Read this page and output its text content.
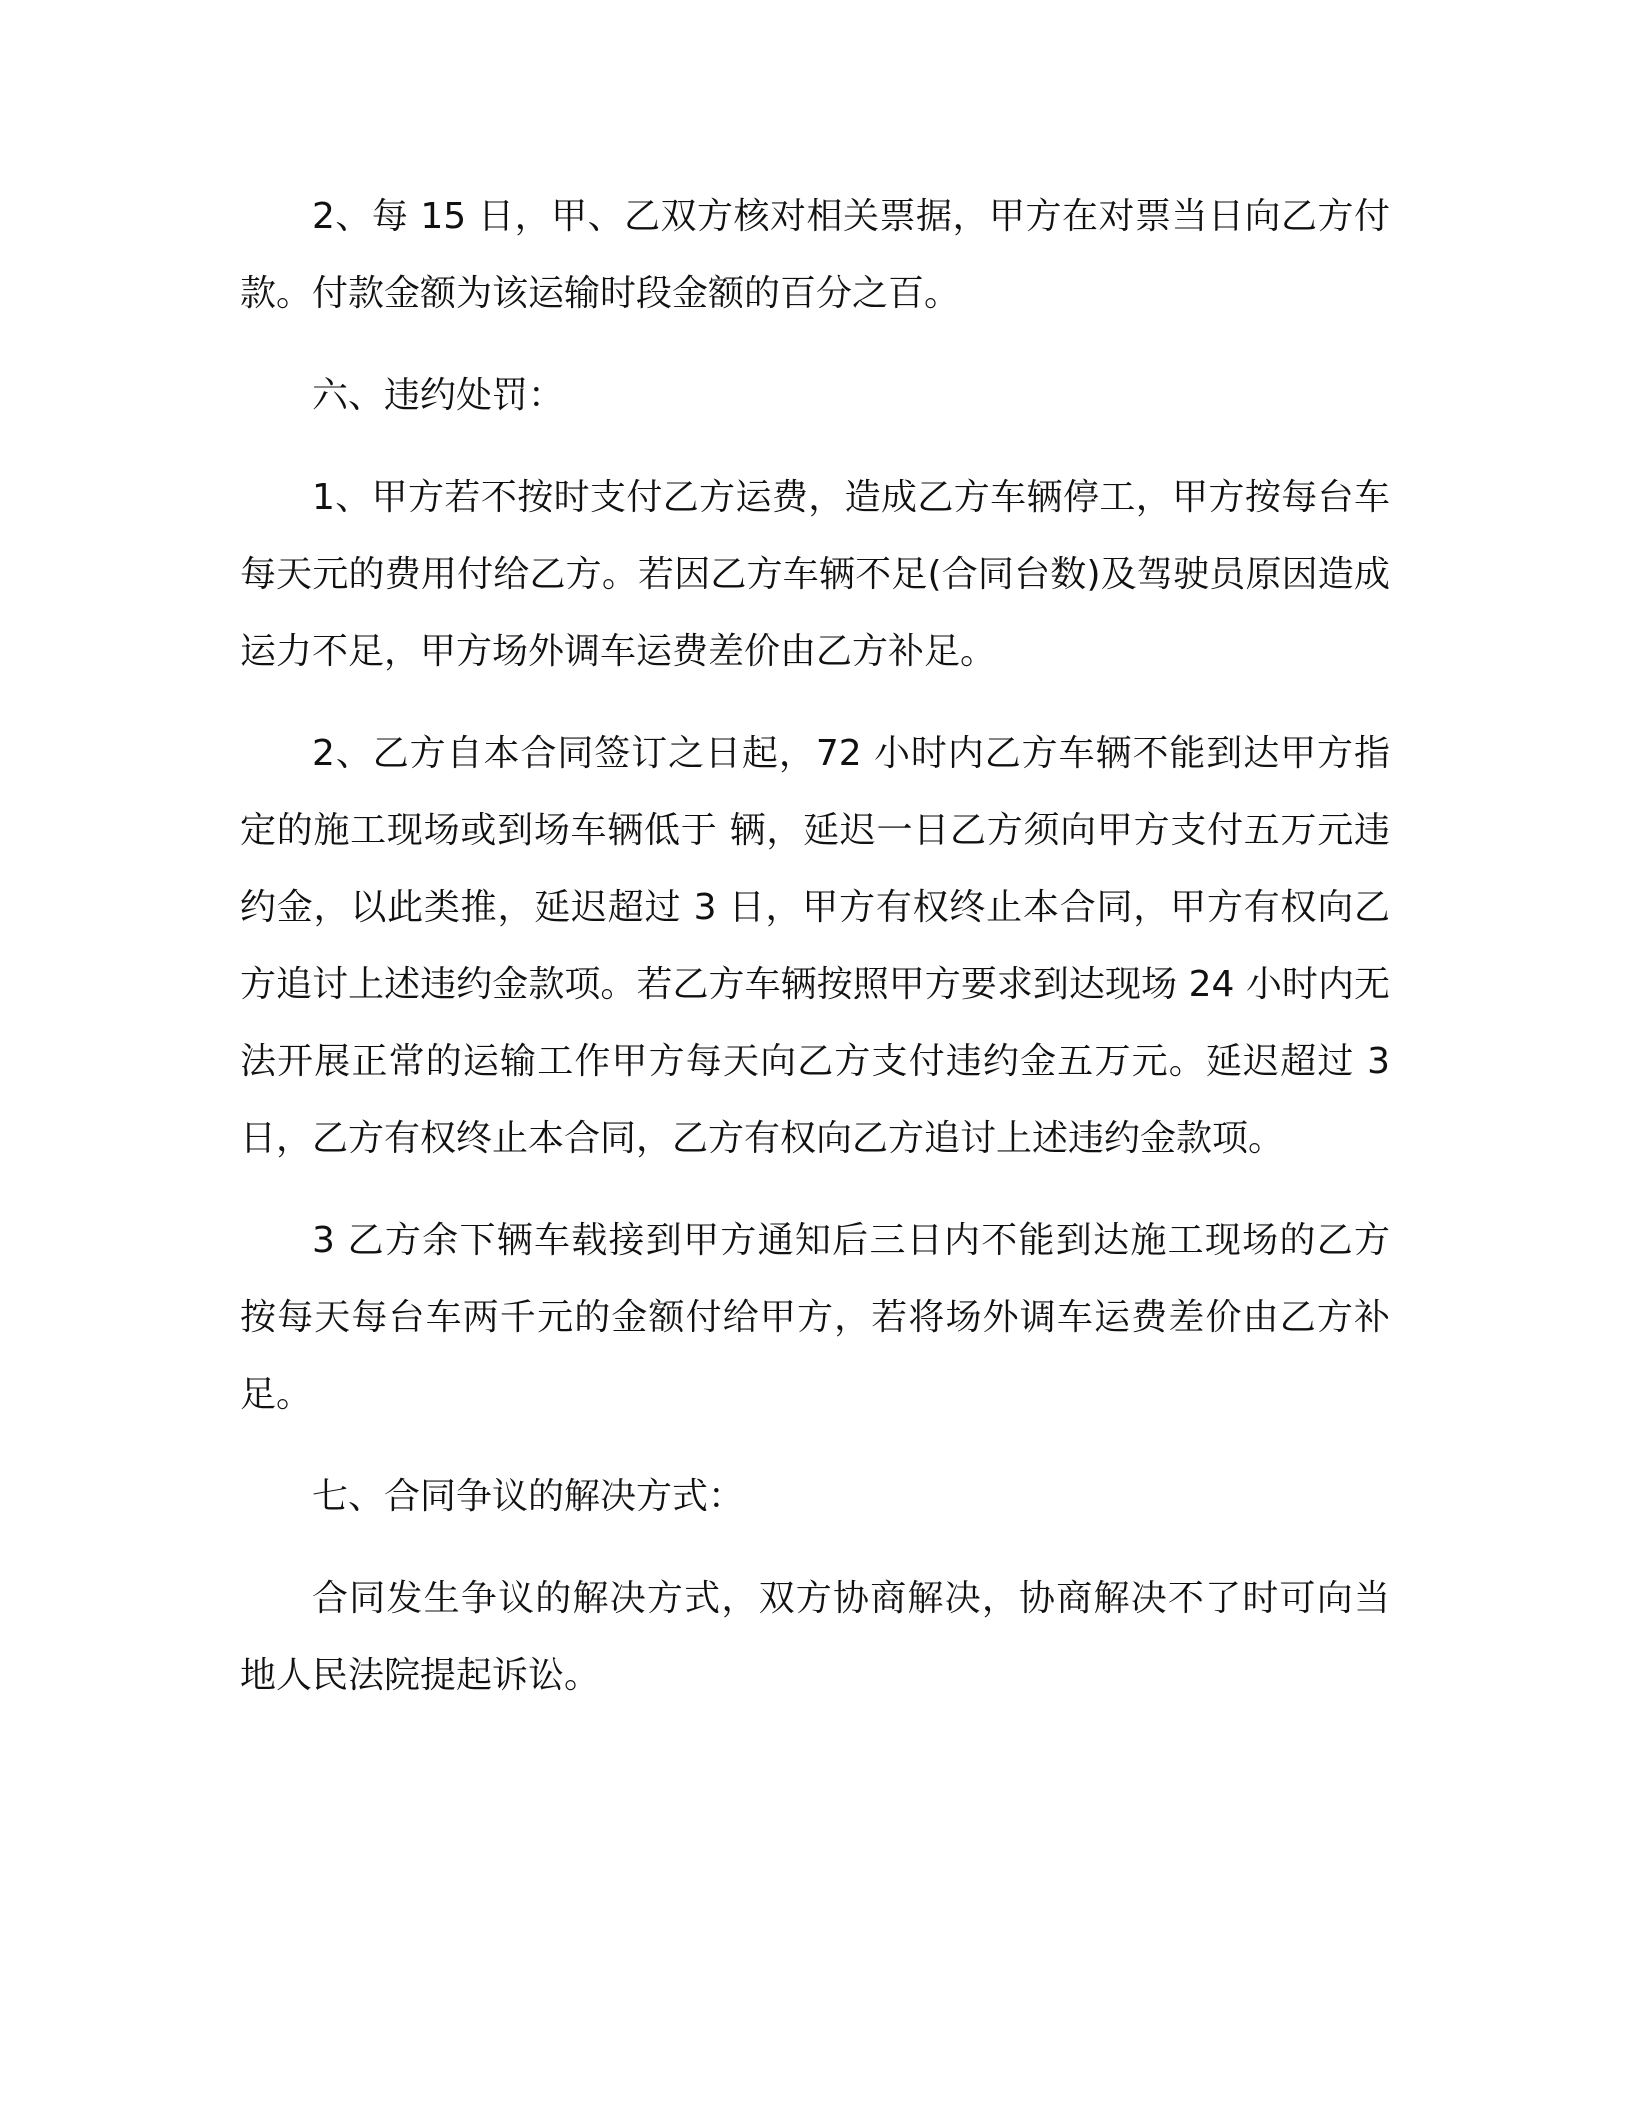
2、每 15 日，甲、乙双方核对相关票据，甲方在对票当日向乙方付款。付款金额为该运输时段金额的百分之百。

六、违约处罚：

1、甲方若不按时支付乙方运费，造成乙方车辆停工，甲方按每台车每天元的费用付给乙方。若因乙方车辆不足(合同台数)及驾驶员原因造成运力不足，甲方场外调车运费差价由乙方补足。

2、乙方自本合同签订之日起，72 小时内乙方车辆不能到达甲方指定的施工现场或到场车辆低于 辆，延迟一日乙方须向甲方支付五万元违约金，以此类推，延迟超过 3 日，甲方有权终止本合同，甲方有权向乙方追讨上述违约金款项。若乙方车辆按照甲方要求到达现场 24 小时内无法开展正常的运输工作甲方每天向乙方支付违约金五万元。延迟超过 3 日，乙方有权终止本合同，乙方有权向乙方追讨上述违约金款项。

3 乙方余下辆车载接到甲方通知后三日内不能到达施工现场的乙方按每天每台车两千元的金额付给甲方，若将场外调车运费差价由乙方补足。

七、合同争议的解决方式：

合同发生争议的解决方式，双方协商解决，协商解决不了时可向当地人民法院提起诉讼。
